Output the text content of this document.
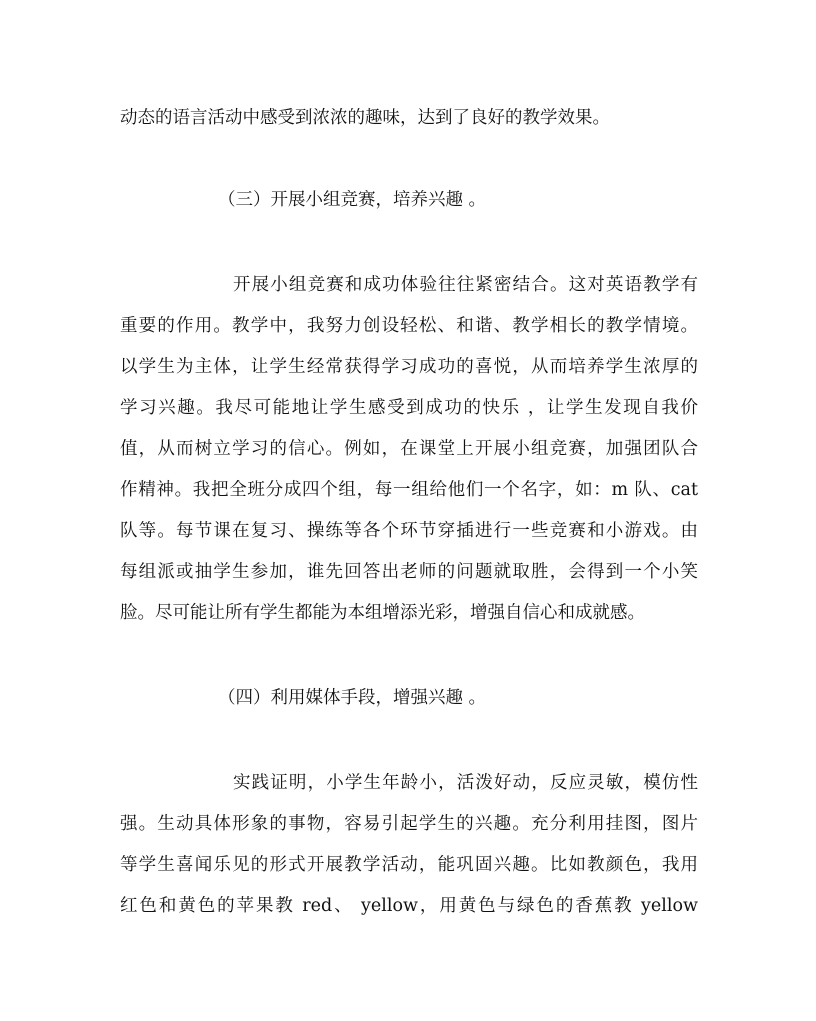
动态的语言活动中感受到浓浓的趣味，达到了良好的教学效果。
（三）开展小组竞赛，培养兴趣 。
开展小组竞赛和成功体验往往紧密结合。这对英语教学有
重要的作用。教学中，我努力创设轻松、和谐、教学相长的教学情境。
以学生为主体，让学生经常获得学习成功的喜悦，从而培养学生浓厚的
学习兴趣。我尽可能地让学生感受到成功的快乐 ，让学生发现自我价
值，从而树立学习的信心。例如，在课堂上开展小组竞赛，加强团队合
作精神。我把全班分成四个组，每一组给他们一个名字，如：m 队、cat
队等。每节课在复习、操练等各个环节穿插进行一些竞赛和小游戏。由
每组派或抽学生参加，谁先回答出老师的问题就取胜，会得到一个小笑
脸。尽可能让所有学生都能为本组增添光彩，增强自信心和成就感。
（四）利用媒体手段，增强兴趣 。
实践证明，小学生年龄小，活泼好动，反应灵敏，模仿性
强。生动具体形象的事物，容易引起学生的兴趣。充分利用挂图，图片
等学生喜闻乐见的形式开展教学活动，能巩固兴趣。比如教颜色，我用
红色和黄色的苹果教 red、 yellow，用黄色与绿色的香蕉教 yellow
